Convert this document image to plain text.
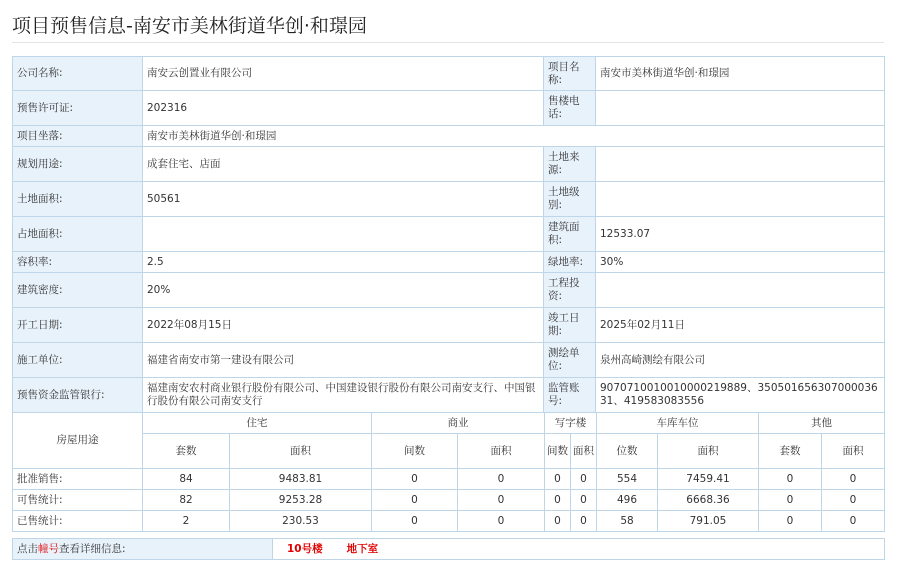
项目预售信息-南安市美林街道华创·和璟园
公司名称:	南安云创置业有限公司	项目名称:	南安市美林街道华创·和璟园
预售许可证:	202316	售楼电话:	
项目坐落:	南安市美林街道华创·和璟园		
规划用途:	成套住宅、店面	土地来源:	
土地面积:	50561	土地级别:	
占地面积:		建筑面积:	12533.07
容积率:	2.5	绿地率:	30%
建筑密度:	20%	工程投资:	
开工日期:	2022年08月15日	竣工日期:	2025年02月11日
施工单位:	福建省南安市第一建设有限公司	测绘单位:	泉州高崎测绘有限公司
预售资金监管银行:	福建南安农村商业银行股份有限公司、中国建设银行股份有限公司南安支行、中国银行股份有限公司南安支行	监管账号:	90707100100100002198​89、35050165630700003631、419583083556
房屋用途	住宅		商业		写字楼		车库车位		其他	
	套数	面积	间数	面积	间数	面积	位数	面积	套数	面积
批准销售:	84	9483.81	0	0	0	0	554	7459.41	0	0
可售统计:	82	9253.28	0	0	0	0	496	6668.36	0	0
已售统计:	2	230.53	0	0	0	0	58	791.05	0	0
点击幢号查看详细信息:	10号楼 地下室
